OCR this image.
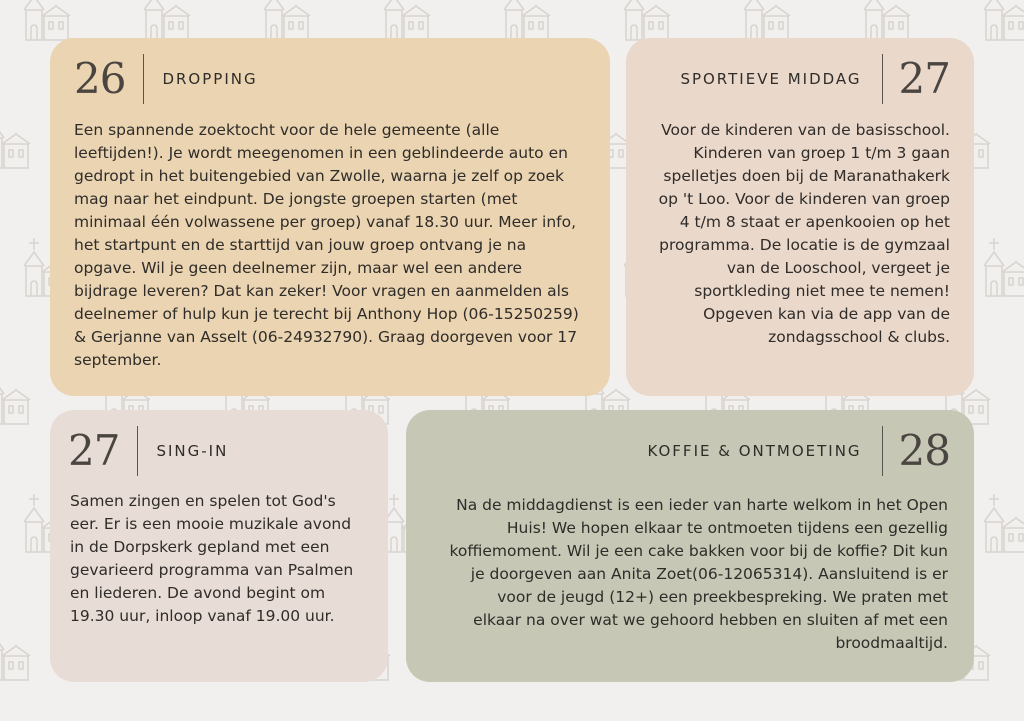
26 DROPPING

Een spannende zoektocht voor de hele gemeente (alle leeftijden!). Je wordt meegenomen in een geblindeerde auto en gedropt in het buitengebied van Zwolle, waarna je zelf op zoek mag naar het eindpunt. De jongste groepen starten (met minimaal één volwassene per groep) vanaf 18.30 uur. Meer info, het startpunt en de starttijd van jouw groep ontvang je na opgave. Wil je geen deelnemer zijn, maar wel een andere bijdrage leveren? Dat kan zeker! Voor vragen en aanmelden als deelnemer of hulp kun je terecht bij Anthony Hop (06-15250259) & Gerjanne van Asselt (06-24932790). Graag doorgeven voor 17 september.

SPORTIEVE MIDDAG 27

Voor de kinderen van de basisschool. Kinderen van groep 1 t/m 3 gaan spelletjes doen bij de Maranathakerk op 't Loo. Voor de kinderen van groep 4 t/m 8 staat er apenkooien op het programma. De locatie is de gymzaal van de Looschool, vergeet je sportkleding niet mee te nemen! Opgeven kan via de app van de zondagsschool & clubs.

27 SING-IN

Samen zingen en spelen tot God's eer. Er is een mooie muzikale avond in de Dorpskerk gepland met een gevarieerd programma van Psalmen en liederen. De avond begint om 19.30 uur, inloop vanaf 19.00 uur.

KOFFIE & ONTMOETING 28

Na de middagdienst is een ieder van harte welkom in het Open Huis! We hopen elkaar te ontmoeten tijdens een gezellig koffiemoment. Wil je een cake bakken voor bij de koffie? Dit kun je doorgeven aan Anita Zoet(06-12065314). Aansluitend is er voor de jeugd (12+) een preekbespreking. We praten met elkaar na over wat we gehoord hebben en sluiten af met een broodmaaltijd.
